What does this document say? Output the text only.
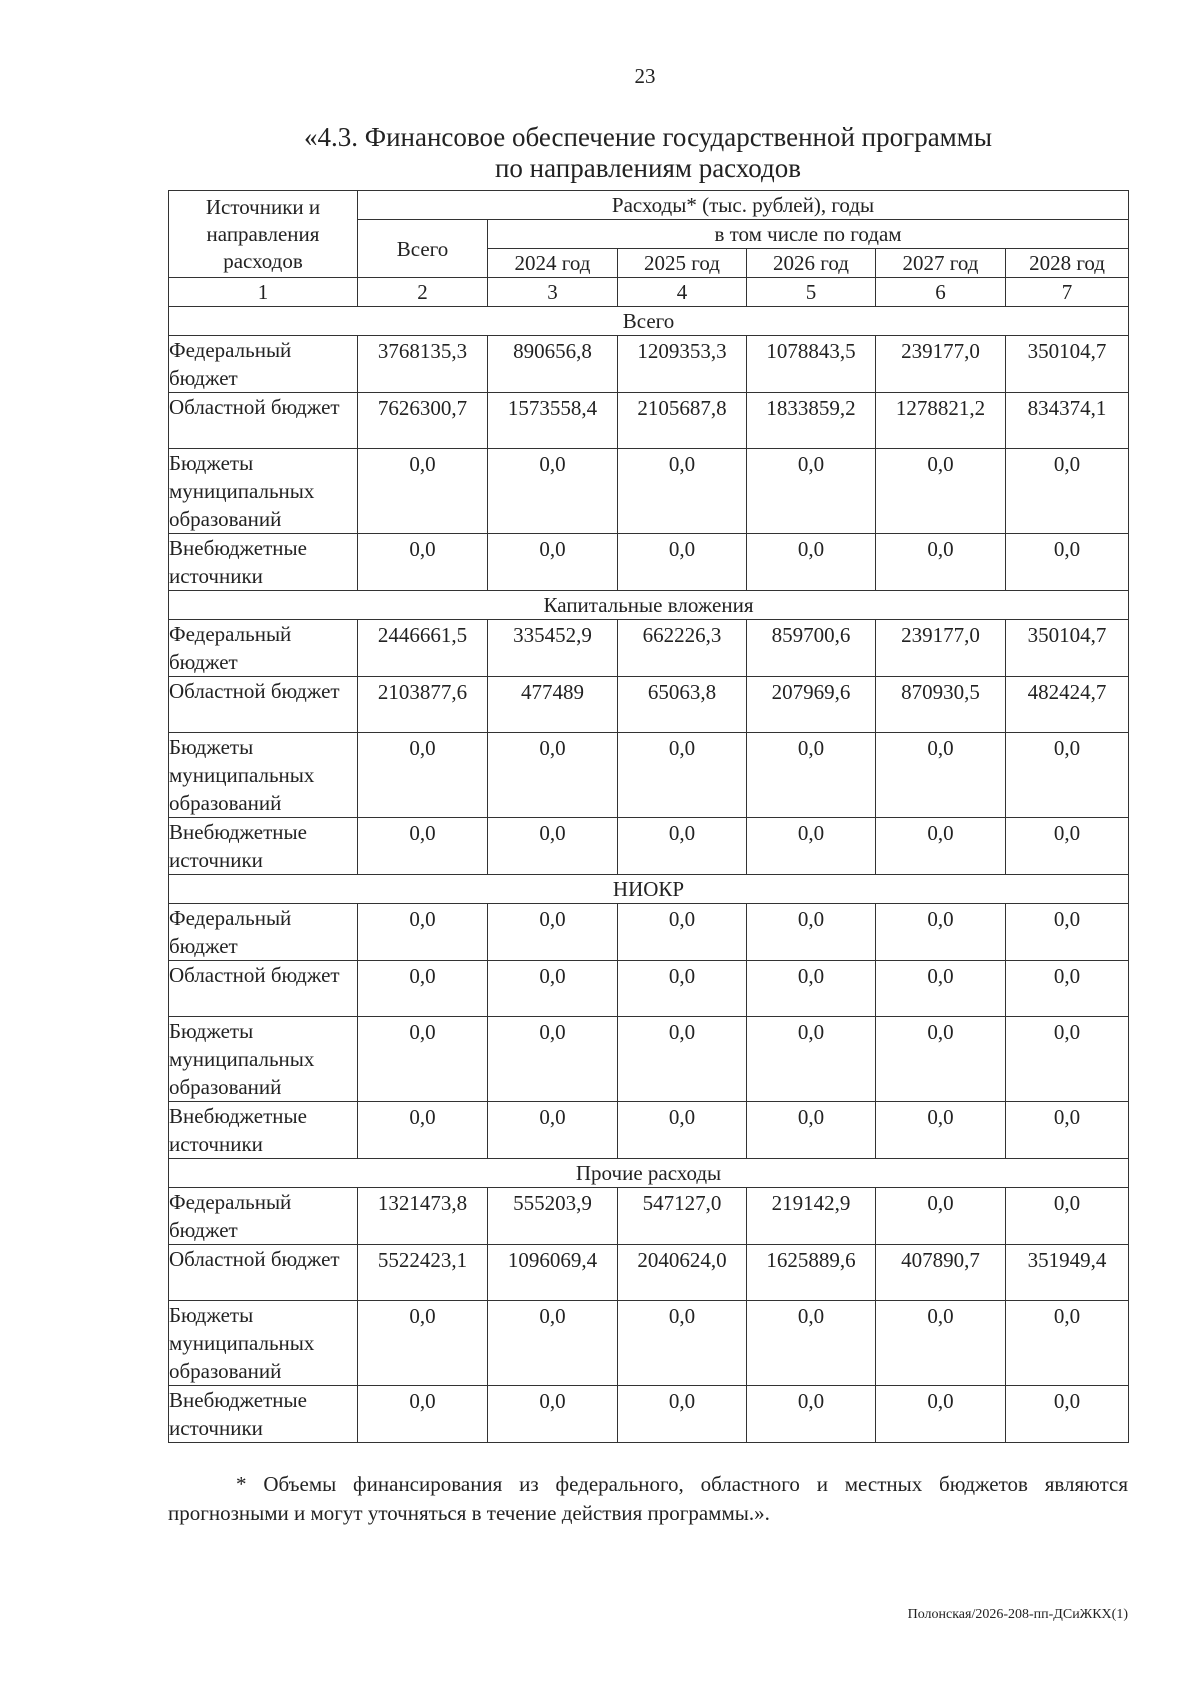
23
«4.3. Финансовое обеспечение государственной программы
по направлениям расходов
Источники и направления расходов	Расходы* (тыс. рублей), годы					
	Всего	в том числе по годам				
		2024 год	2025 год	2026 год	2027 год	2028 год
1	2	3	4	5	6	7
Всего						
Федеральный бюджет	3768135,3	890656,8	1209353,3	1078843,5	239177,0	350104,7
Областной бюджет	7626300,7	1573558,4	2105687,8	1833859,2	1278821,2	834374,1
Бюджеты муниципальных образований	0,0	0,0	0,0	0,0	0,0	0,0
Внебюджетные источники	0,0	0,0	0,0	0,0	0,0	0,0
Капитальные вложения						
Федеральный бюджет	2446661,5	335452,9	662226,3	859700,6	239177,0	350104,7
Областной бюджет	2103877,6	477489	65063,8	207969,6	870930,5	482424,7
Бюджеты муниципальных образований	0,0	0,0	0,0	0,0	0,0	0,0
Внебюджетные источники	0,0	0,0	0,0	0,0	0,0	0,0
НИОКР						
Федеральный бюджет	0,0	0,0	0,0	0,0	0,0	0,0
Областной бюджет	0,0	0,0	0,0	0,0	0,0	0,0
Бюджеты муниципальных образований	0,0	0,0	0,0	0,0	0,0	0,0
Внебюджетные источники	0,0	0,0	0,0	0,0	0,0	0,0
Прочие расходы						
Федеральный бюджет	1321473,8	555203,9	547127,0	219142,9	0,0	0,0
Областной бюджет	5522423,1	1096069,4	2040624,0	1625889,6	407890,7	351949,4
Бюджеты муниципальных образований	0,0	0,0	0,0	0,0	0,0	0,0
Внебюджетные источники	0,0	0,0	0,0	0,0	0,0	0,0
* Объемы финансирования из федерального, областного и местных бюджетов являются прогнозными и могут уточняться в течение действия программы.».
Полонская/2026-208-пп-ДСиЖКХ(1)
